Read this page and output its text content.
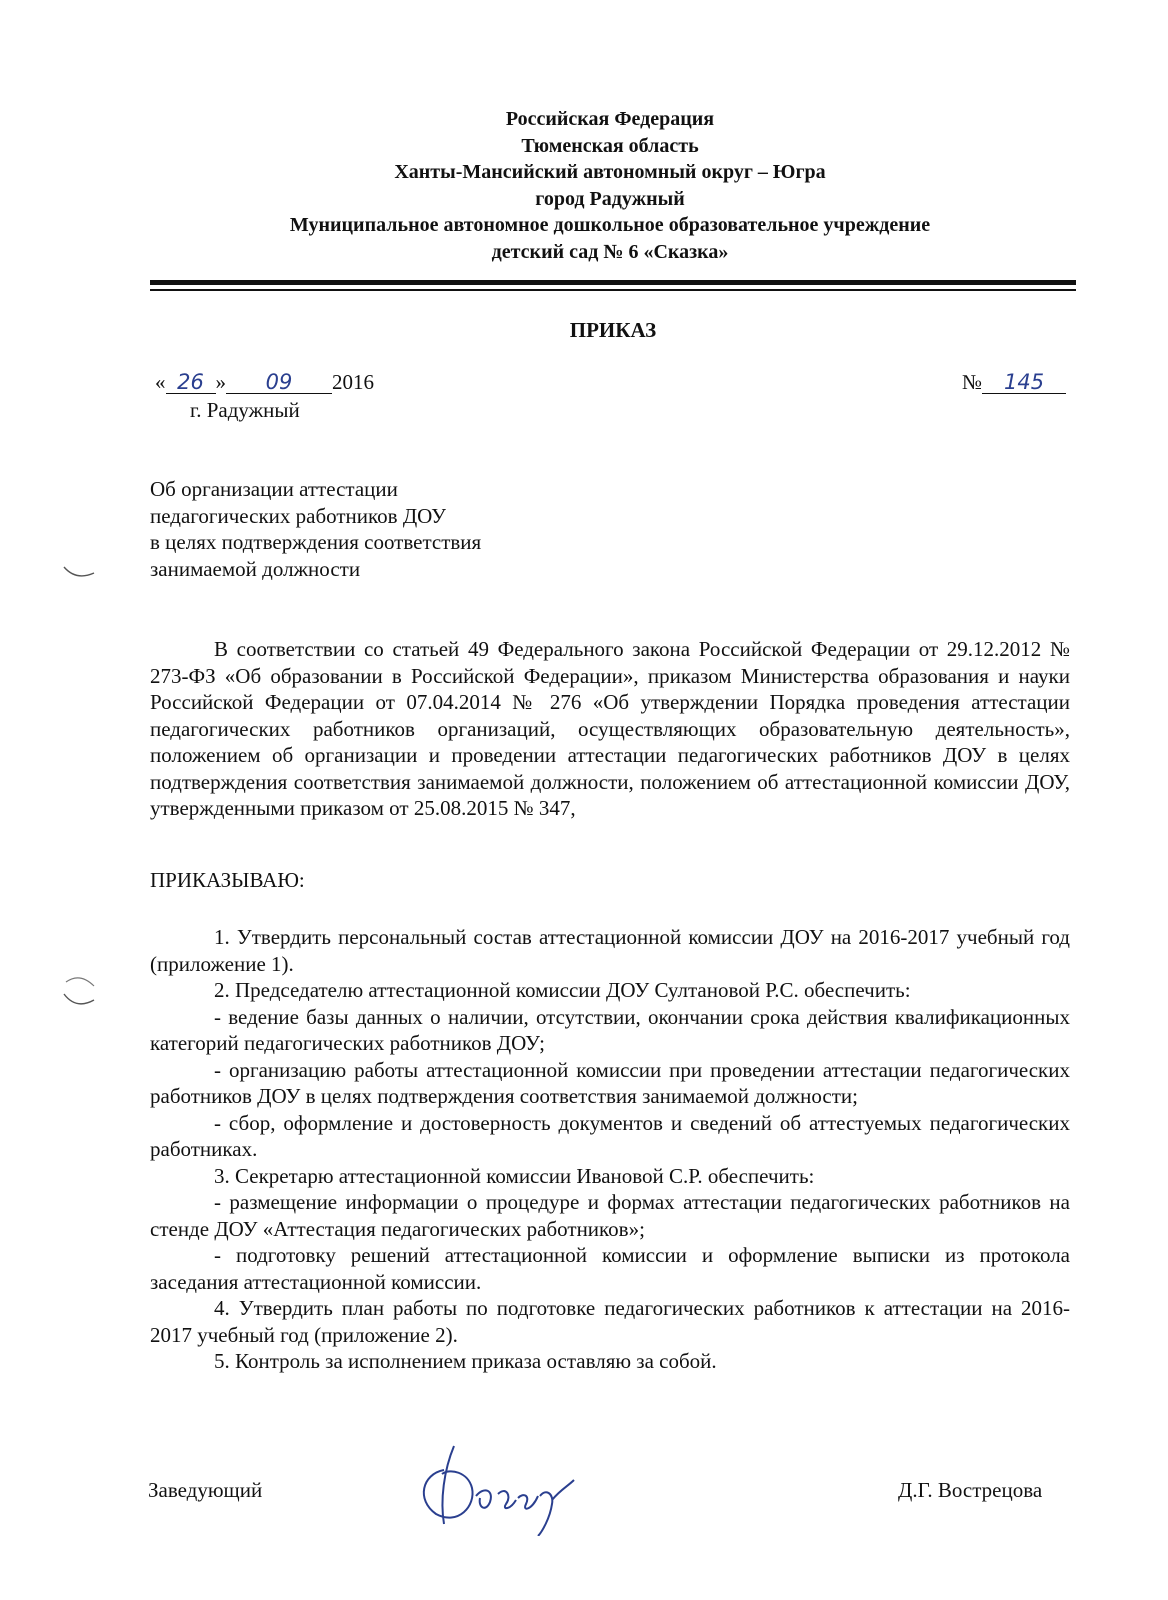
Российская Федерация
Тюменская область
Ханты-Мансийский автономный округ – Югра
город Радужный
Муниципальное автономное дошкольное образовательное учреждение
детский сад № 6 «Сказка»
ПРИКАЗ
« 26 » 09 2016	№ 145
г. Радужный
Об организации аттестации
педагогических работников ДОУ
в целях подтверждения соответствия
занимаемой должности

В соответствии со статьей 49 Федерального закона Российской Федерации от 29.12.2012 № 273-ФЗ «Об образовании в Российской Федерации», приказом Министерства образования и науки Российской Федерации от 07.04.2014 № 276 «Об утверждении Порядка проведения аттестации педагогических работников организаций, осуществляющих образовательную деятельность», положением об организации и проведении аттестации педагогических работников ДОУ в целях подтверждения соответствия занимаемой должности, положением об аттестационной комиссии ДОУ, утвержденными приказом от 25.08.2015 № 347,

ПРИКАЗЫВАЮ:

1. Утвердить персональный состав аттестационной комиссии ДОУ на 2016-2017 учебный год (приложение 1).

2. Председателю аттестационной комиссии ДОУ Султановой Р.С. обеспечить:

- ведение базы данных о наличии, отсутствии, окончании срока действия квалификационных категорий педагогических работников ДОУ;

- организацию работы аттестационной комиссии при проведении аттестации педагогических работников ДОУ в целях подтверждения соответствия занимаемой должности;

- сбор, оформление и достоверность документов и сведений об аттестуемых педагогических работниках.

3. Секретарю аттестационной комиссии Ивановой С.Р. обеспечить:

- размещение информации о процедуре и формах аттестации педагогических работников на стенде ДОУ «Аттестация педагогических работников»;

- подготовку решений аттестационной комиссии и оформление выписки из протокола заседания аттестационной комиссии.

4. Утвердить план работы по подготовке педагогических работников к аттестации на 2016-2017 учебный год (приложение 2).

5. Контроль за исполнением приказа оставляю за собой.

Заведующий	Д.Г. Вострецова
